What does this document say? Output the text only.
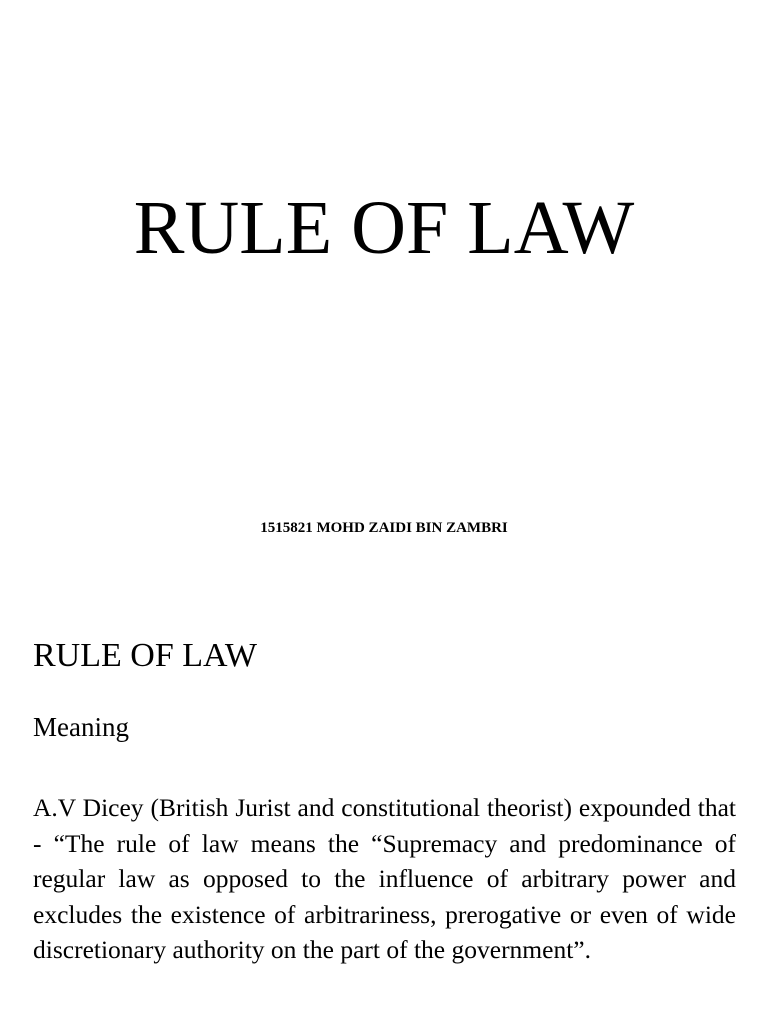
RULE OF LAW

1515821 MOHD ZAIDI BIN ZAMBRI

RULE OF LAW

Meaning

A.V Dicey (British Jurist and constitutional theorist) expounded that - “The rule of law means the “Supremacy and predominance of regular law as opposed to the influence of arbitrary power and excludes the existence of arbitrariness, prerogative or even of wide discretionary authority on the part of the government”.
